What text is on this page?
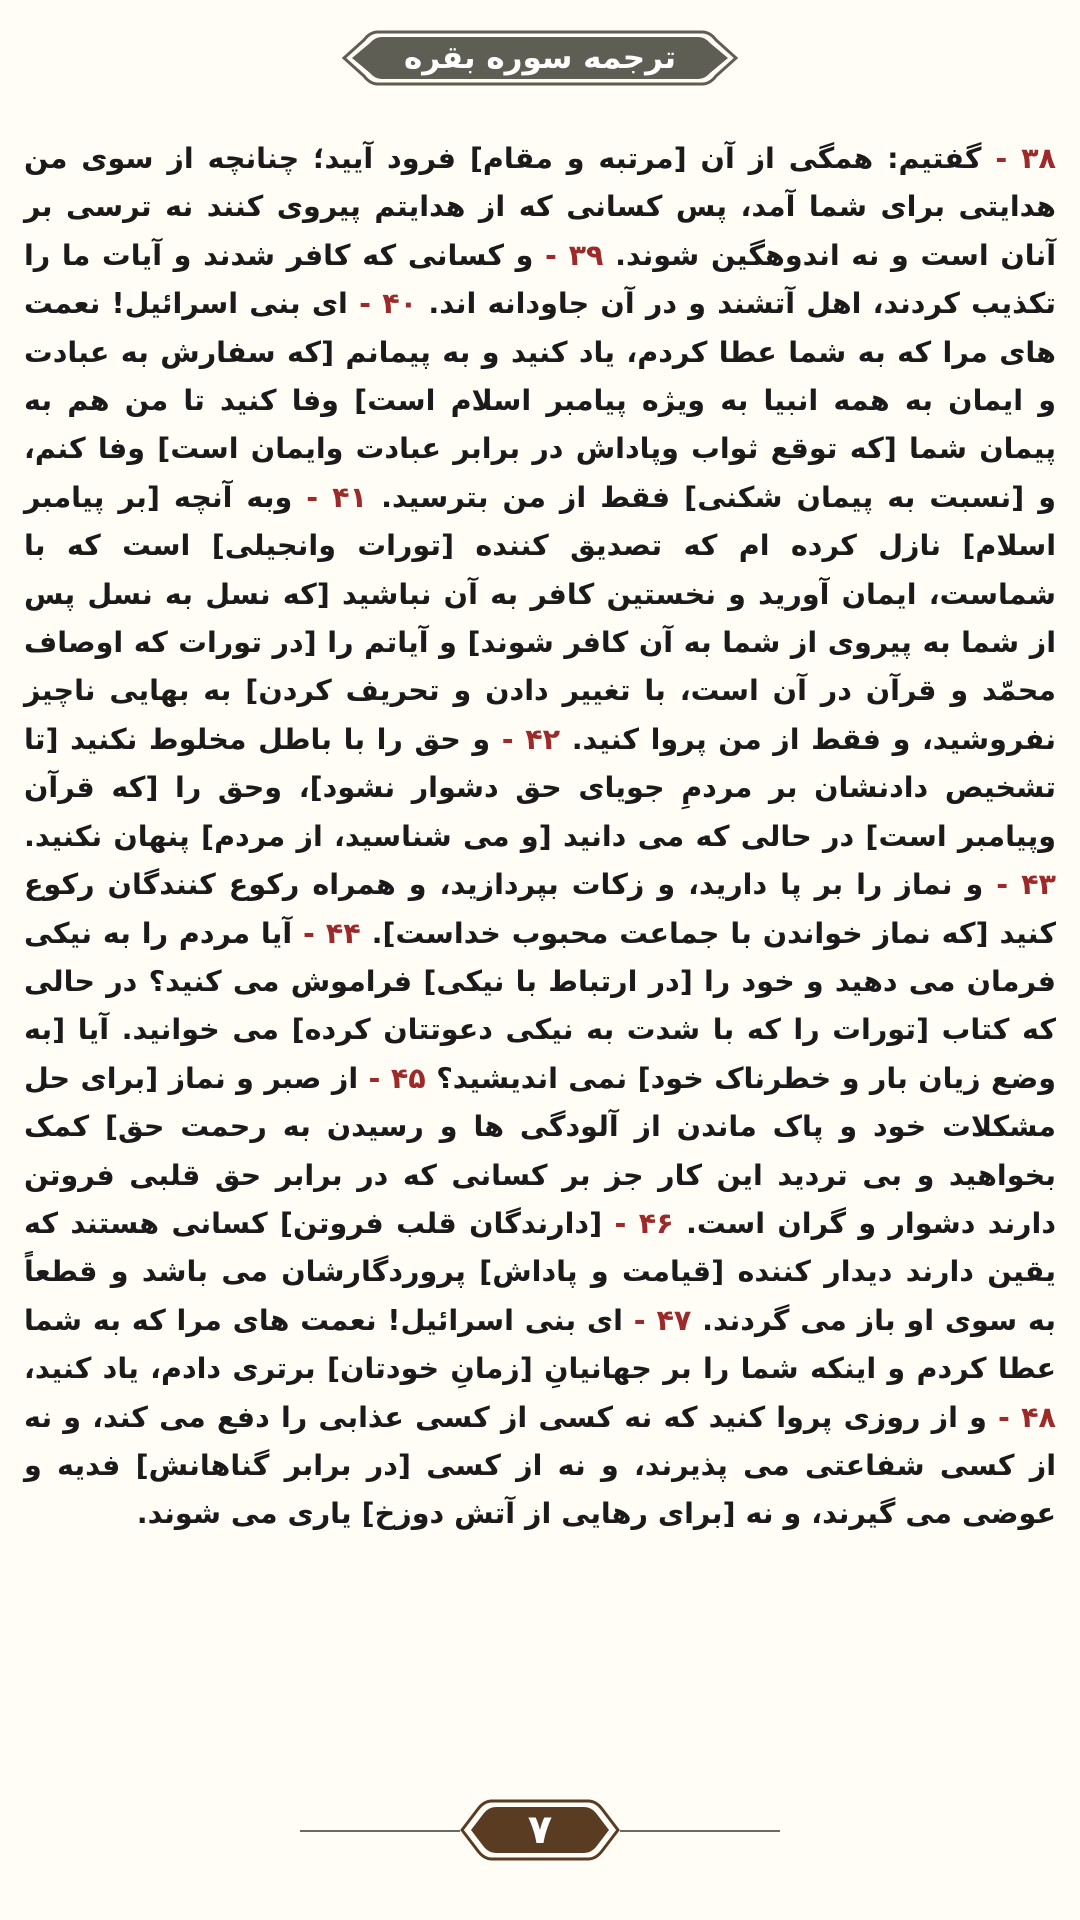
ترجمه سوره بقره
۳۸ - گفتیم: همگی از آن [مرتبه و مقام] فرود آیید؛ چنانچه از سوی من هدایتی برای شما آمد، پس کسانی که از هدایتم پیروی کنند نه ترسی بر آنان است و نه اندوهگین شوند. ۳۹ - و کسانی که کافر شدند و آیات ما را تکذیب کردند، اهل آتشند و در آن جاودانه اند. ۴۰ - ای بنی اسرائیل! نعمت های مرا که به شما عطا کردم، یاد کنید و به پیمانم [که سفارش به عبادت و ایمان به همه انبیا به ویژه پیامبر اسلام است] وفا کنید تا من هم به پیمان شما [که توقع ثواب وپاداش در برابر عبادت وایمان است] وفا کنم، و [نسبت به پیمان شکنی] فقط از من بترسید. ۴۱ - وبه آنچه [بر پیامبر اسلام] نازل کرده ام که تصدیق کننده [تورات وانجیلی] است که با شماست، ایمان آورید و نخستین کافر به آن نباشید [که نسل به نسل پس از شما به پیروی از شما به آن کافر شوند] و آیاتم را [در تورات که اوصاف محمّد و قرآن در آن است، با تغییر دادن و تحریف کردن] به بهایی ناچیز نفروشید، و فقط از من پروا کنید. ۴۲ - و حق را با باطل مخلوط نکنید [تا تشخیص دادنشان بر مردمِ جویای حق دشوار نشود]، وحق را [که قرآن وپیامبر است] در حالی که می دانید [و می شناسید، از مردم] پنهان نکنید. ۴۳ - و نماز را بر پا دارید، و زکات بپردازید، و همراه رکوع کنندگان رکوع کنید [که نماز خواندن با جماعت محبوب خداست]. ۴۴ - آیا مردم را به نیکی فرمان می دهید و خود را [در ارتباط با نیکی] فراموش می کنید؟ در حالی که کتاب [تورات را که با شدت به نیکی دعوتتان کرده] می خوانید. آیا [به وضع زیان بار و خطرناک خود] نمی اندیشید؟ ۴۵ - از صبر و نماز [برای حل مشکلات خود و پاک ماندن از آلودگی ها و رسیدن به رحمت حق] کمک بخواهید و بی تردید این کار جز بر کسانی که در برابر حق قلبی فروتن دارند دشوار و گران است. ۴۶ - [دارندگان قلب فروتن] کسانی هستند که یقین دارند دیدار کننده [قیامت و پاداش] پروردگارشان می باشد و قطعاً به سوی او باز می گردند. ۴۷ - ای بنی اسرائیل! نعمت های مرا که به شما عطا کردم و اینکه شما را بر جهانیانِ [زمانِ خودتان] برتری دادم، یاد کنید، ۴۸ - و از روزی پروا کنید که نه کسی از کسی عذابی را دفع می کند، و نه از کسی شفاعتی می پذیرند، و نه از کسی [در برابر گناهانش] فدیه و عوضی می گیرند، و نه [برای رهایی از آتش دوزخ] یاری می شوند.
۷
